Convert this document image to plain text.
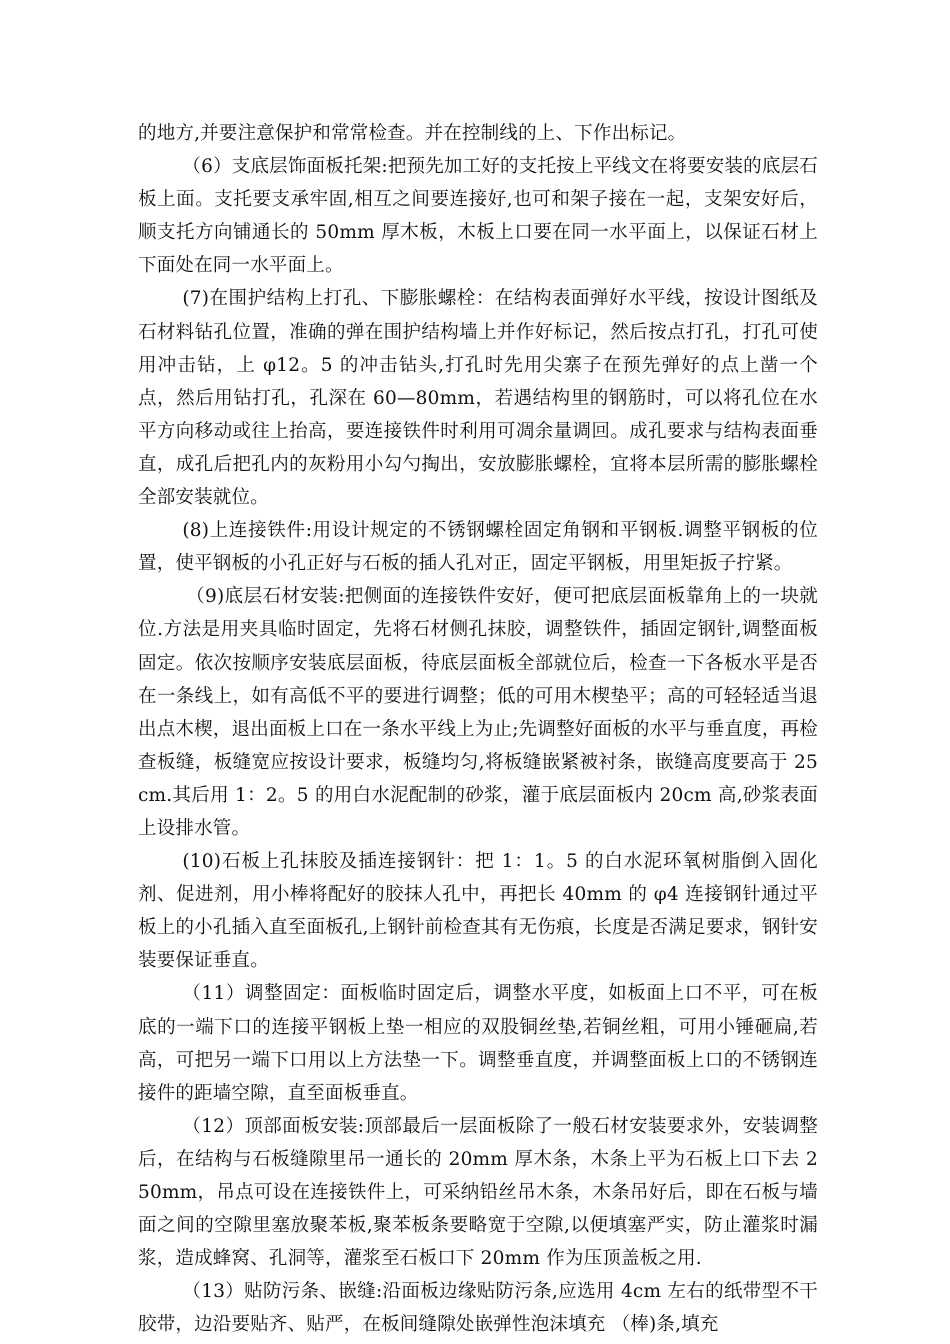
的地方,并要注意保护和常常检查。并在控制线的上、下作出标记。

（6）支底层饰面板托架:把预先加工好的支托按上平线文在将要安装的底层石板上面。支托要支承牢固,相互之间要连接好,也可和架子接在一起，支架安好后，顺支托方向铺通长的 50mm 厚木板，木板上口要在同一水平面上，以保证石材上下面处在同一水平面上。

(7)在围护结构上打孔、下膨胀螺栓：在结构表面弹好水平线，按设计图纸及石材料钻孔位置，准确的弹在围护结构墙上并作好标记，然后按点打孔，打孔可使用冲击钻，上 φ12。5 的冲击钻头,打孔时先用尖寨子在预先弹好的点上凿一个点，然后用钻打孔，孔深在 60—80mm，若遇结构里的钢筋时，可以将孔位在水平方向移动或往上抬高，要连接铁件时利用可凋余量调回。成孔要求与结构表面垂直，成孔后把孔内的灰粉用小勾勺掏出，安放膨胀螺栓，宜将本层所需的膨胀螺栓全部安装就位。

(8)上连接铁件:用设计规定的不锈钢螺栓固定角钢和平钢板.调整平钢板的位置，使平钢板的小孔正好与石板的插人孔对正，固定平钢板，用里矩扳子拧紧。

（9)底层石材安装:把侧面的连接铁件安好，便可把底层面板靠角上的一块就位.方法是用夹具临时固定，先将石材侧孔抹胶，调整铁件，插固定钢针,调整面板固定。依次按顺序安装底层面板，待底层面板全部就位后，检查一下各板水平是否在一条线上，如有高低不平的要进行调整；低的可用木楔垫平；高的可轻轻适当退出点木楔，退出面板上口在一条水平线上为止;先调整好面板的水平与垂直度，再检查板缝，板缝宽应按设计要求，板缝均匀,将板缝嵌紧被衬条，嵌缝高度要高于 25cm.其后用 1：2。5 的用白水泥配制的砂浆，灌于底层面板内 20cm 高,砂浆表面上设排水管。

(10)石板上孔抹胶及插连接钢针：把 1：1。5 的白水泥环氧树脂倒入固化剂、促进剂，用小棒将配好的胶抹人孔中，再把长 40mm 的 φ4 连接钢针通过平板上的小孔插入直至面板孔,上钢针前检查其有无伤痕，长度是否满足要求，钢针安装要保证垂直。

（11）调整固定：面板临时固定后，调整水平度，如板面上口不平，可在板底的一端下口的连接平钢板上垫一相应的双股铜丝垫,若铜丝粗，可用小锤砸扁,若高，可把另一端下口用以上方法垫一下。调整垂直度，并调整面板上口的不锈钢连接件的距墙空隙，直至面板垂直。

（12）顶部面板安装:顶部最后一层面板除了一般石材安装要求外，安装调整后，在结构与石板缝隙里吊一通长的 20mm 厚木条，木条上平为石板上口下去 250mm，吊点可设在连接铁件上，可采纳铅丝吊木条，木条吊好后，即在石板与墙面之间的空隙里塞放聚苯板,聚苯板条要略宽于空隙,以便填塞严实，防止灌浆时漏浆，造成蜂窝、孔洞等，灌浆至石板口下 20mm 作为压顶盖板之用.

（13）贴防污条、嵌缝:沿面板边缘贴防污条,应选用 4cm 左右的纸带型不干胶带，边沿要贴齐、贴严，在板间缝隙处嵌弹性泡沫填充 （棒)条,填充
